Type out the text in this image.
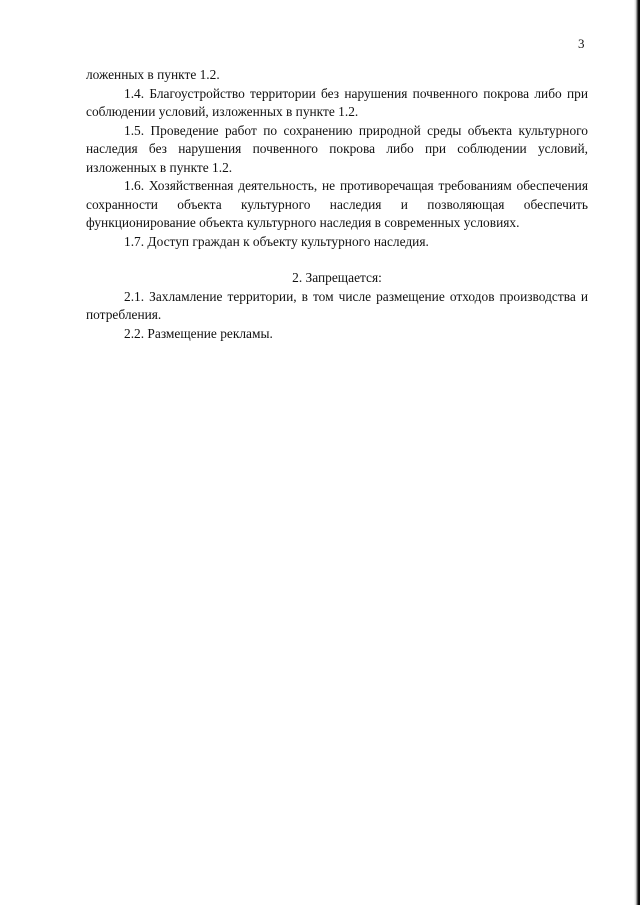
3

ложенных в пункте 1.2.

1.4. Благоустройство территории без нарушения почвенного покрова либо при соблюдении условий, изложенных в пункте 1.2.

1.5. Проведение работ по сохранению природной среды объекта культурного наследия без нарушения почвенного покрова либо при соблюдении условий, изложенных в пункте 1.2.

1.6. Хозяйственная деятельность, не противоречащая требованиям обеспечения сохранности объекта культурного наследия и позволяющая обеспечить функционирование объекта культурного наследия в современных условиях.

1.7. Доступ граждан к объекту культурного наследия.

2. Запрещается:

2.1. Захламление территории, в том числе размещение отходов производства и потребления.

2.2. Размещение рекламы.
